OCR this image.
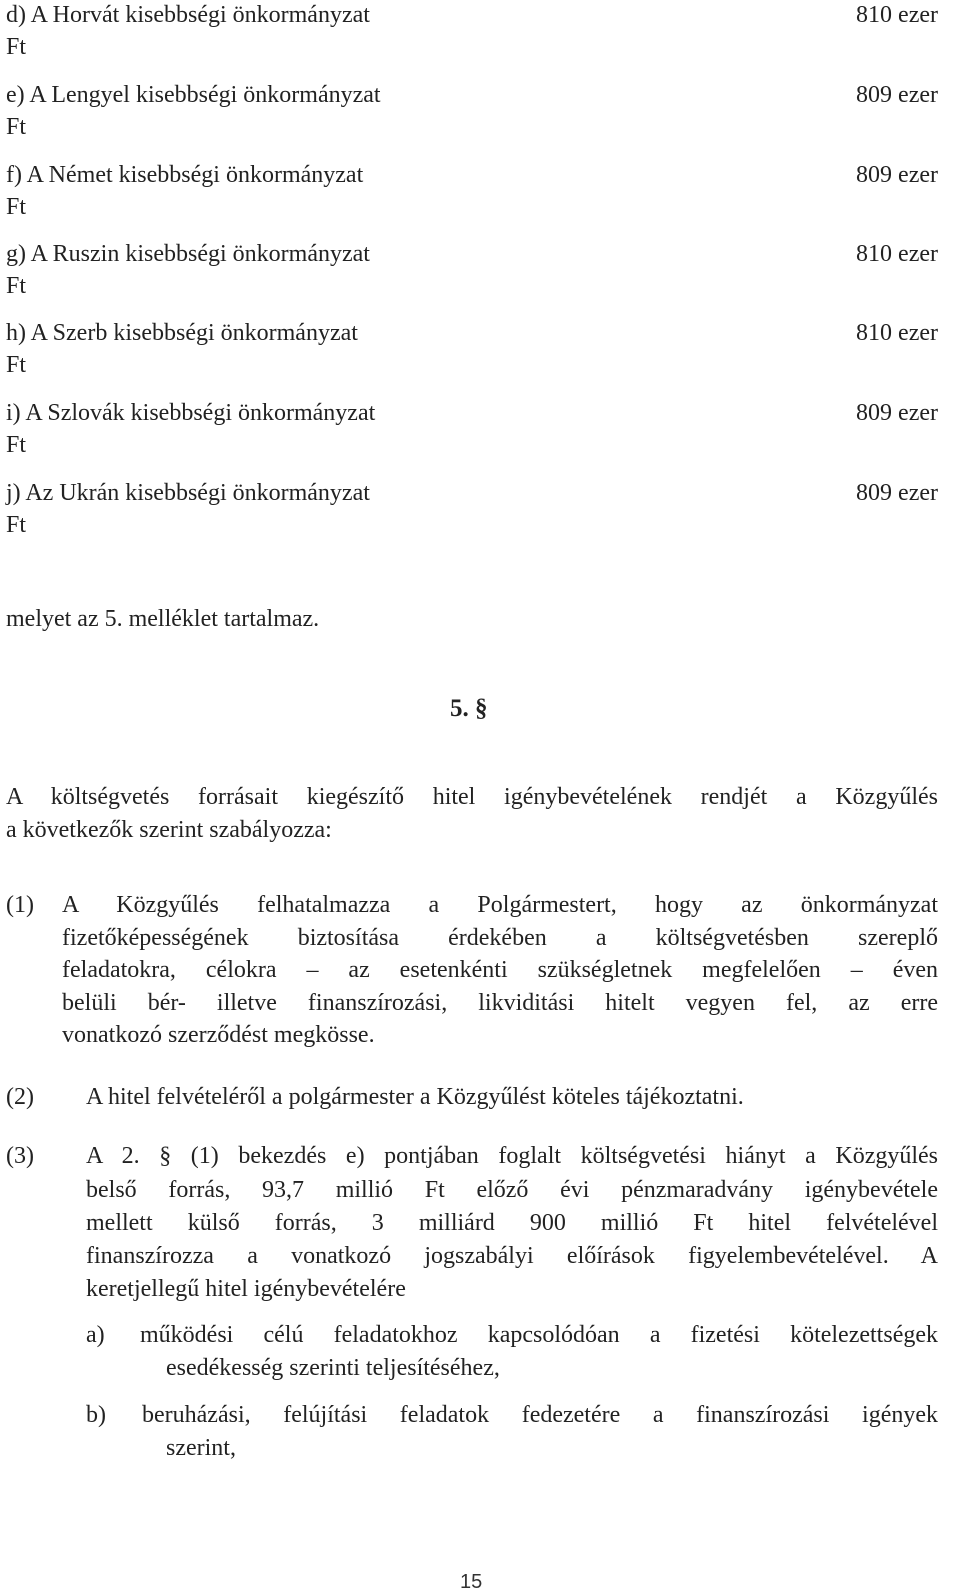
d) A Horvát kisebbségi önkormányzat	810 ezer
Ft
e) A Lengyel kisebbségi önkormányzat	809 ezer
Ft
f) A Német kisebbségi önkormányzat	809 ezer
Ft
g) A Ruszin kisebbségi önkormányzat	810 ezer
Ft
h) A Szerb kisebbségi önkormányzat	810 ezer
Ft
i) A Szlovák kisebbségi önkormányzat	809 ezer
Ft
j) Az Ukrán kisebbségi önkormányzat	809 ezer
Ft
melyet az 5. melléklet tartalmaz.
5. §
A költségvetés forrásait kiegészítő hitel igénybevételének rendjét a Közgyűlés
a következők szerint szabályozza:
(1) A Közgyűlés felhatalmazza a Polgármestert, hogy az önkormányzat
fizetőképességének biztosítása érdekében a költségvetésben szereplő
feladatokra, célokra – az esetenkénti szükségletnek megfelelően – éven
belüli bér- illetve finanszírozási, likviditási hitelt vegyen fel, az erre
vonatkozó szerződést megkösse.
(2) A hitel felvételéről a polgármester a Közgyűlést köteles tájékoztatni.
(3) A 2. § (1) bekezdés e) pontjában foglalt költségvetési hiányt a Közgyűlés
belső forrás, 93,7 millió Ft előző évi pénzmaradvány igénybevétele
mellett külső forrás, 3 milliárd 900 millió Ft hitel felvételével
finanszírozza a vonatkozó jogszabályi előírások figyelembevételével. A
keretjellegű hitel igénybevételére
a) működési célú feladatokhoz kapcsolódóan a fizetési kötelezettségek
esedékesség szerinti teljesítéséhez,
b) beruházási, felújítási feladatok fedezetére a finanszírozási igények
szerint,
15
